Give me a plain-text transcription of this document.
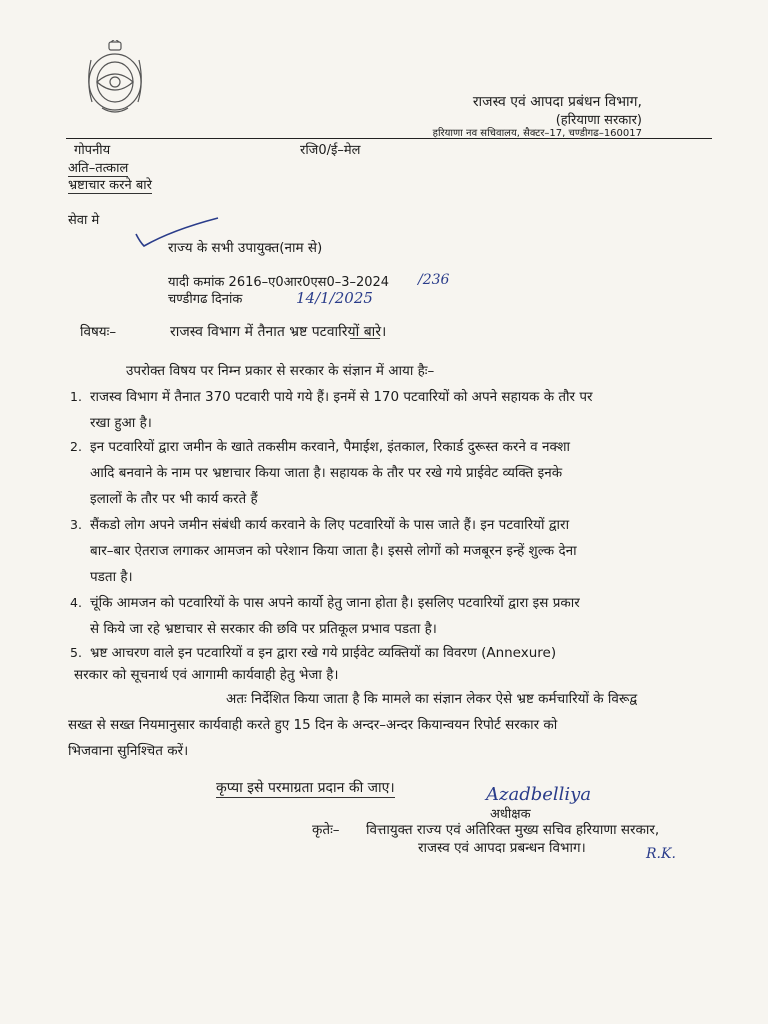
राजस्व एवं आपदा प्रबंधन विभाग,
(हरियाणा सरकार)
हरियाणा नव सचिवालय, सैक्टर–17, चण्डीगढ–160017
गोपनीय	रजि0/ई–मेल
अति–तत्काल
भ्रष्टाचार करने बारे
सेवा मे
राज्य के सभी उपायुक्त(नाम से)
यादी कमांक 2616–ए0आर0एस0–3–2024 /236
चण्डीगढ दिनांक	14/1/2025
विषयः–	राजस्व विभाग में तैनात भ्रष्ट पटवारियों बारे।
उपरोक्त विषय पर निम्न प्रकार से सरकार के संज्ञान में आया हैः–
1. राजस्व विभाग में तैनात 370 पटवारी पाये गये हैं। इनमें से 170 पटवारियों को अपने सहायक के तौर पर
रखा हुआ है।
2. इन पटवारियों द्वारा जमीन के खाते तकसीम करवाने, पैमाईश, इंतकाल, रिकार्ड दुरूस्त करने व नक्शा
आदि बनवाने के नाम पर भ्रष्टाचार किया जाता है। सहायक के तौर पर रखे गये प्राईवेट व्यक्ति इनके
इलालों के तौर पर भी कार्य करते हैं
3. सैंकडो लोग अपने जमीन संबंधी कार्य करवाने के लिए पटवारियों के पास जाते हैं। इन पटवारियों द्वारा
बार–बार ऐतराज लगाकर आमजन को परेशान किया जाता है। इससे लोगों को मजबूरन इन्हें शुल्क देना
पडता है।
4. चूंकि आमजन को पटवारियों के पास अपने कार्यो हेतु जाना होता है। इसलिए पटवारियों द्वारा इस प्रकार
से किये जा रहे भ्रष्टाचार से सरकार की छवि पर प्रतिकूल प्रभाव पडता है।
5. भ्रष्ट आचरण वाले इन पटवारियों व इन द्वारा रखे गये प्राईवेट व्यक्तियों का विवरण (Annexure)
सरकार को सूचनार्थ एवं आगामी कार्यवाही हेतु भेजा है।
अतः निर्देशित किया जाता है कि मामले का संज्ञान लेकर ऐसे भ्रष्ट कर्मचारियों के विरूद्व
सख्त से सख्त नियमानुसार कार्यवाही करते हुए 15 दिन के अन्दर–अन्दर कियान्वयन रिपोर्ट सरकार को
भिजवाना सुनिश्चित करें।
कृप्या इसे परमाग्रता प्रदान की जाए।	Azadbelliya
अधीक्षक
कृतेः– वित्तायुक्त राज्य एवं अतिरिक्त मुख्य सचिव हरियाणा सरकार,
राजस्व एवं आपदा प्रबन्धन विभाग।	R.K.
